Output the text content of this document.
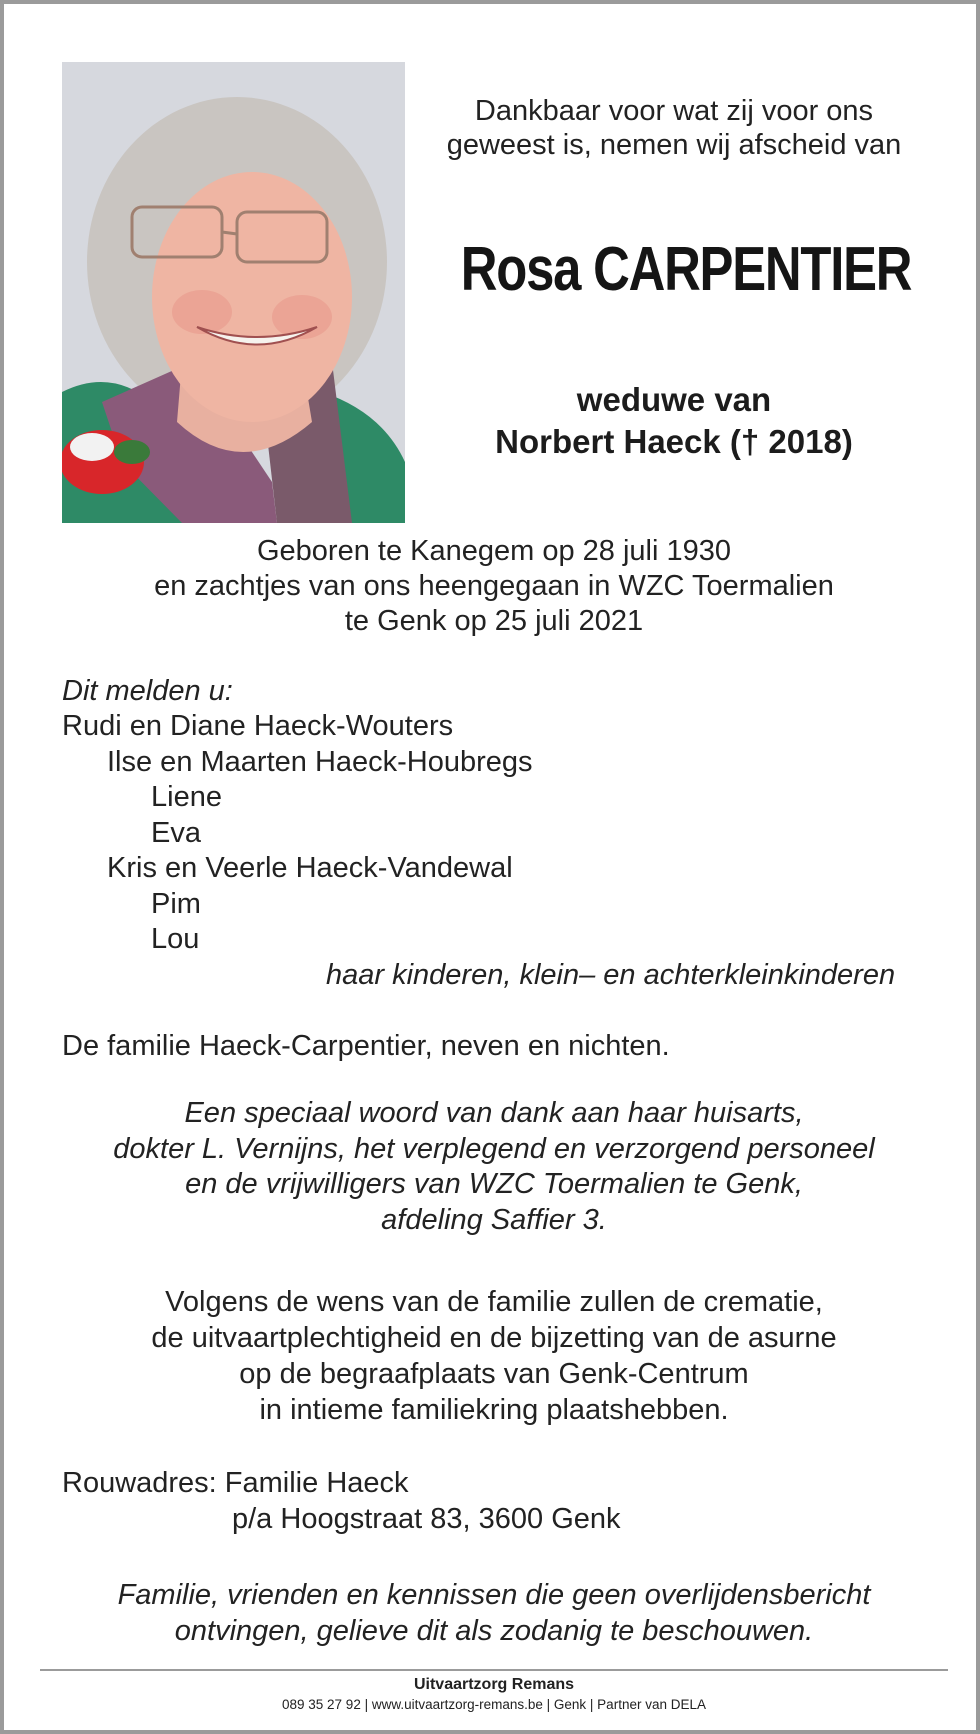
Dankbaar voor wat zij voor ons
geweest is, nemen wij afscheid van
Rosa CARPENTIER
weduwe van
Norbert Haeck († 2018)
Geboren te Kanegem op 28 juli 1930
en zachtjes van ons heengegaan in WZC Toermalien
te Genk op 25 juli 2021
Dit melden u:
Rudi en Diane Haeck-Wouters
Ilse en Maarten Haeck-Houbregs
Liene
Eva
Kris en Veerle Haeck-Vandewal
Pim
Lou
haar kinderen, klein– en achterkleinkinderen
De familie Haeck-Carpentier, neven en nichten.
Een speciaal woord van dank aan haar huisarts,
dokter L. Vernijns, het verplegend en verzorgend personeel
en de vrijwilligers van WZC Toermalien te Genk,
afdeling Saffier 3.
Volgens de wens van de familie zullen de crematie,
de uitvaartplechtigheid en de bijzetting van de asurne
op de begraafplaats van Genk-Centrum
in intieme familiekring plaatshebben.
Rouwadres: Familie Haeck
p/a Hoogstraat 83, 3600 Genk
Familie, vrienden en kennissen die geen overlijdensbericht
ontvingen, gelieve dit als zodanig te beschouwen.
Uitvaartzorg Remans
089 35 27 92 | www.uitvaartzorg-remans.be | Genk | Partner van DELA
